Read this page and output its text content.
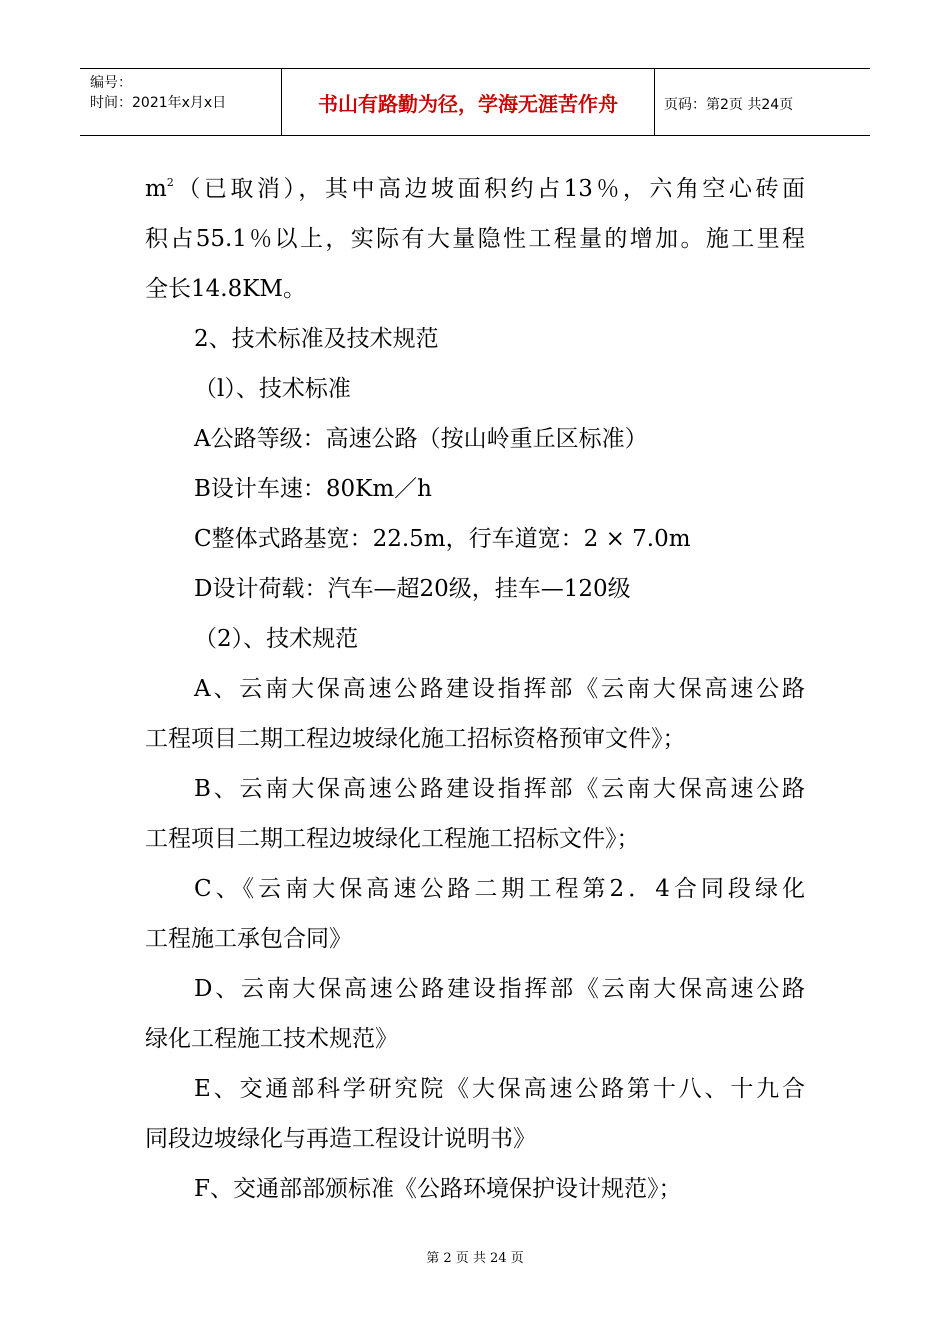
编号：
时间：2021年x月x日	书山有路勤为径，学海无涯苦作舟	页码：第2页 共24页
$m^2$（已取消），其中高边坡面积约占13％，六角空心砖面
积占55.1％以上，实际有大量隐性工程量的增加。施工里程
全长14.8KM。
2、技术标准及技术规范
（l）、技术标准
A公路等级：高速公路（按山岭重丘区标准）
B设计车速：80Km／h
C整体式路基宽：22.5m，行车道宽：2 × 7.0m
D设计荷载：汽车—超20级，挂车—120级
（2）、技术规范
A、云南大保高速公路建设指挥部《云南大保高速公路
工程项目二期工程边坡绿化施工招标资格预审文件》；
B、云南大保高速公路建设指挥部《云南大保高速公路
工程项目二期工程边坡绿化工程施工招标文件》；
C、《云南大保高速公路二期工程第2．4合同段绿化
工程施工承包合同》
D、云南大保高速公路建设指挥部《云南大保高速公路
绿化工程施工技术规范》
E、交通部科学研究院《大保高速公路第十八、十九合
同段边坡绿化与再造工程设计说明书》
F、交通部部颁标准《公路环境保护设计规范》；
第 2 页 共 24 页
